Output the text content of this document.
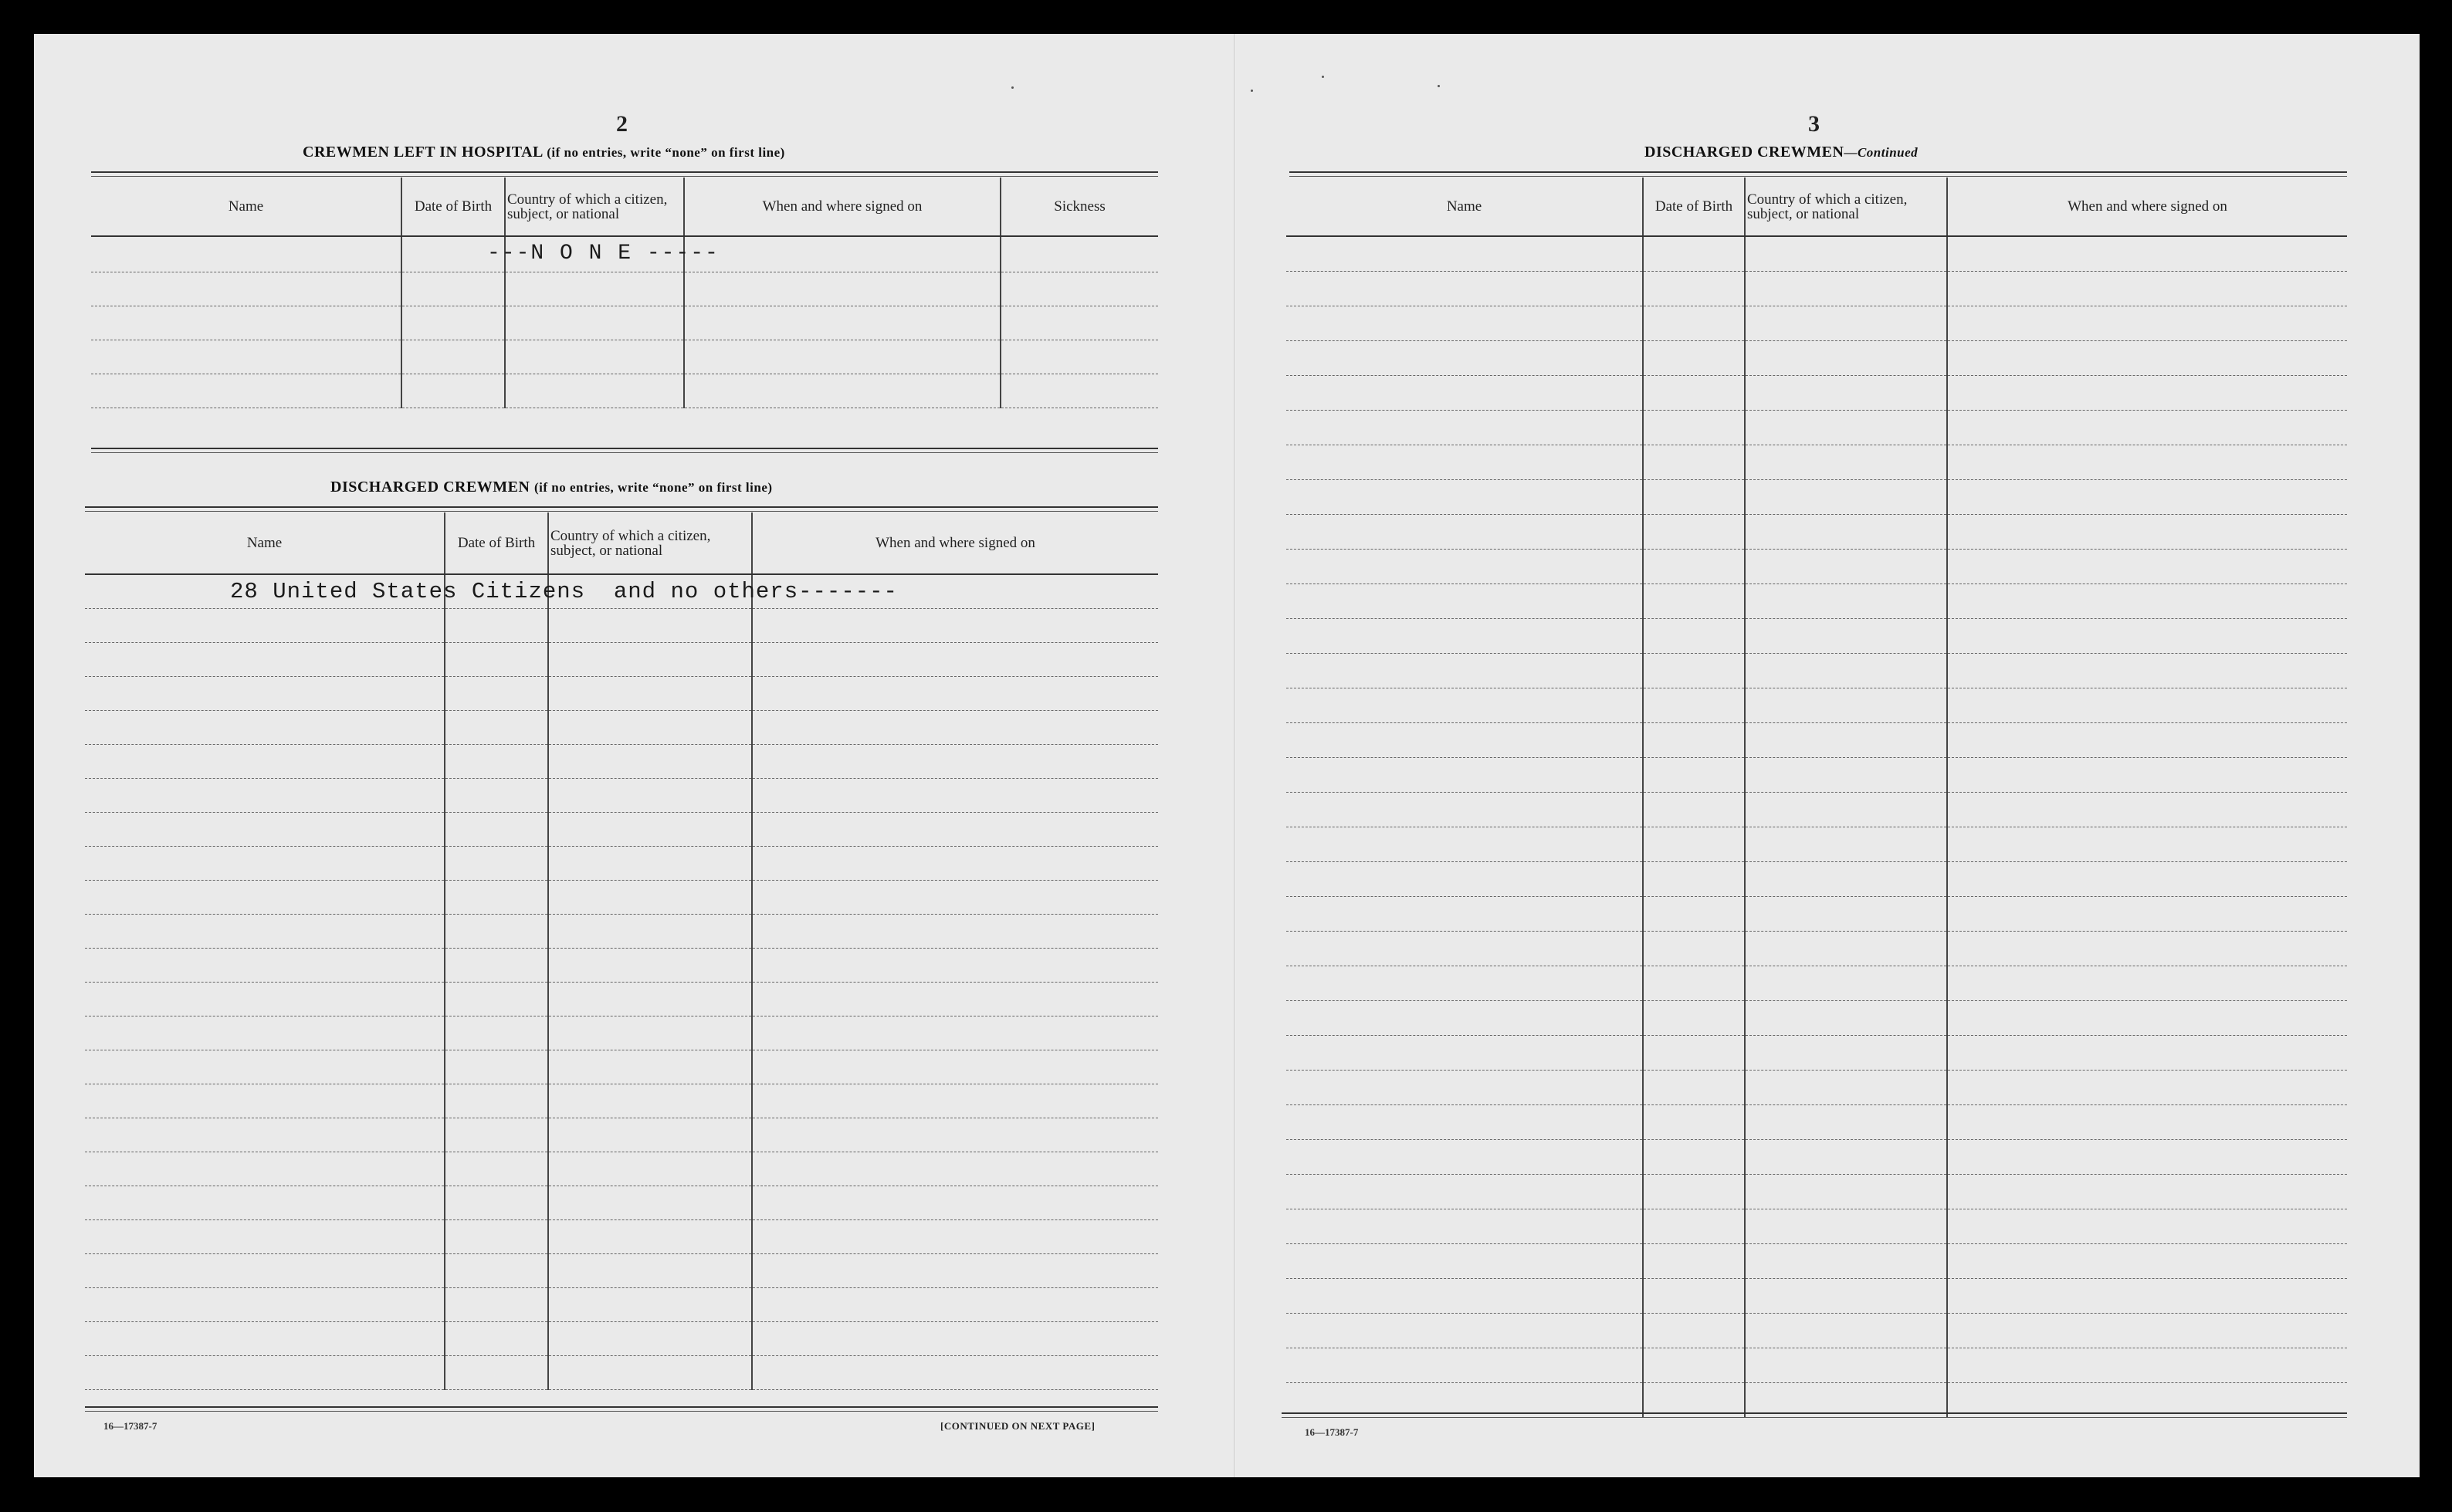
2
CREWMEN LEFT IN HOSPITAL (if no entries, write “none” on first line)
Name	Date of Birth	Country of which a citizen, subject, or national	When and where signed on	Sickness

		---N O N E -----		

DISCHARGED CREWMEN (if no entries, write “none” on first line)
Name	Date of Birth	Country of which a citizen, subject, or national	When and where signed on

28 United States Citizens  and no others-------
16—17387-7	[CONTINUED ON NEXT PAGE]
3
DISCHARGED CREWMEN—Continued
Name	Date of Birth	Country of which a citizen, subject, or national	When and where signed on

16—17387-7
